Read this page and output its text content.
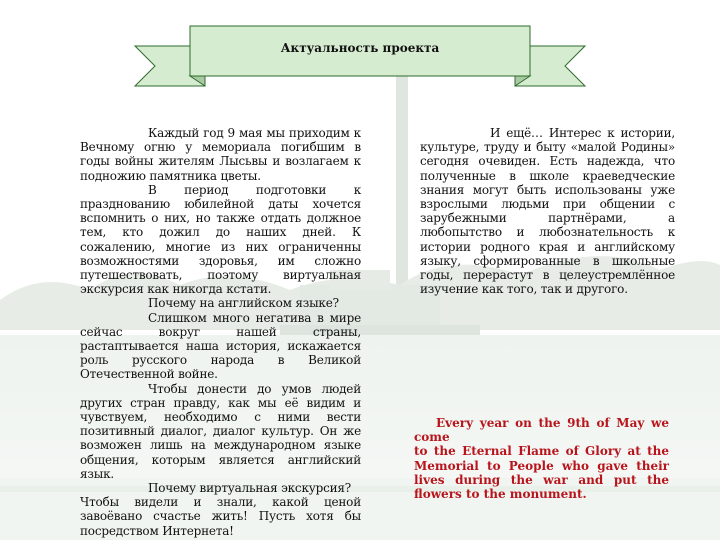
Актуальность проекта

Каждый год 9 мая мы приходим к Вечному огню у мемориала погибшим в годы войны жителям Лысьвы и возлагаем к подножию памятника цветы.

В период подготовки к празднованию юбилейной даты хочется вспомнить о них, но также отдать должное тем, кто дожил до наших дней. К сожалению, многие из них ограниченны возможностями здоровья, им сложно путешествовать, поэтому виртуальная экскурсия как никогда кстати.

Почему на английском языке?

Слишком много негатива в мире сейчас вокруг нашей страны, растаптывается наша история, искажается роль русского народа в Великой Отечественной войне.

Чтобы донести до умов людей других стран правду, как мы её видим и чувствуем, необходимо с ними вести позитивный диалог, диалог культур. Он же возможен лишь на международном языке общения, которым является английский язык.

Почему виртуальная экскурсия?

Чтобы видели и знали, какой ценой завоёвано счастье жить! Пусть хотя бы посредством Интернета!

И ещё… Интерес к истории, культуре, труду и быту «малой Родины» сегодня очевиден. Есть надежда, что полученные в школе краеведческие знания могут быть использованы уже взрослыми людьми при общении с зарубежными партнёрами, а любопытство и любознательность к истории родного края и английскому языку, сформированные в школьные годы, перерастут в целеустремлённое изучение как того, так и другого.

Every year on the 9th of May we come
to the Eternal Flame of Glory at the Memorial to People who gave their lives during the war and put the flowers to the monument.
